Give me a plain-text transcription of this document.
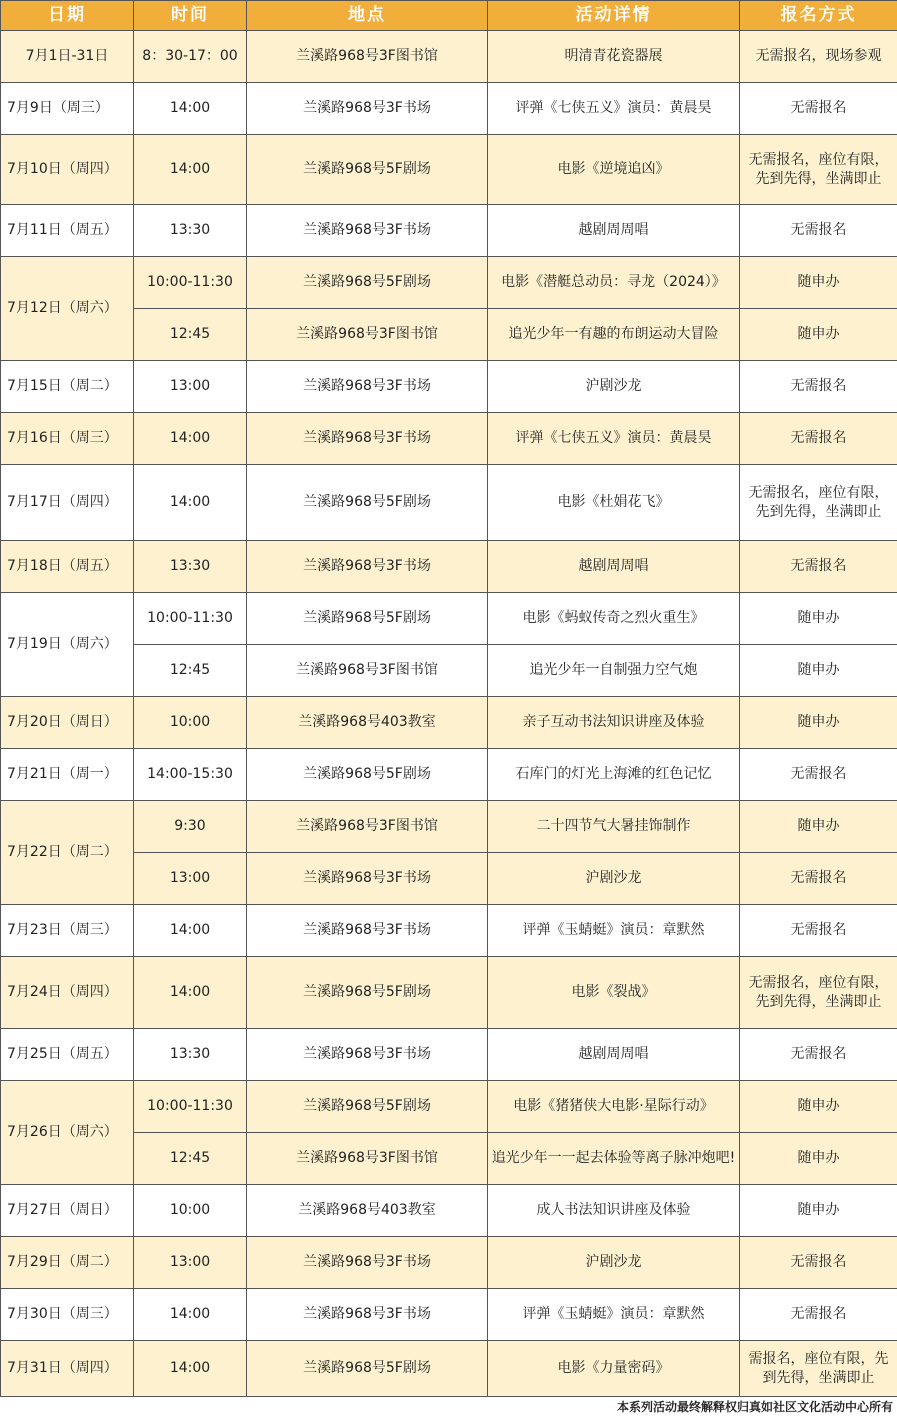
日期	时间	地点	活动详情	报名方式
7月1日-31日	8：30-17：00	兰溪路968号3F图书馆	明清青花瓷器展	无需报名，现场参观
7月9日（周三）	14:00	兰溪路968号3F书场	评弹《七侠五义》演员：黄晨昊	无需报名
7月10日（周四）	14:00	兰溪路968号5F剧场	电影《逆境追凶》	无需报名，座位有限，先到先得，坐满即止
7月11日（周五）	13:30	兰溪路968号3F书场	越剧周周唱	无需报名
7月12日（周六）	10:00-11:30	兰溪路968号5F剧场	电影《潜艇总动员：寻龙（2024）》	随申办
	12:45	兰溪路968号3F图书馆	追光少年一有趣的布朗运动大冒险	随申办
7月15日（周二）	13:00	兰溪路968号3F书场	沪剧沙龙	无需报名
7月16日（周三）	14:00	兰溪路968号3F书场	评弹《七侠五义》演员：黄晨昊	无需报名
7月17日（周四）	14:00	兰溪路968号5F剧场	电影《杜娟花飞》	无需报名，座位有限，先到先得，坐满即止
7月18日（周五）	13:30	兰溪路968号3F书场	越剧周周唱	无需报名
7月19日（周六）	10:00-11:30	兰溪路968号5F剧场	电影《蚂蚁传奇之烈火重生》	随申办
	12:45	兰溪路968号3F图书馆	追光少年一自制强力空气炮	随申办
7月20日（周日）	10:00	兰溪路968号403教室	亲子互动书法知识讲座及体验	随申办
7月21日（周一）	14:00-15:30	兰溪路968号5F剧场	石库门的灯光上海滩的红色记忆	无需报名
7月22日（周二）	9:30	兰溪路968号3F图书馆	二十四节气大暑挂饰制作	随申办
	13:00	兰溪路968号3F书场	沪剧沙龙	无需报名
7月23日（周三）	14:00	兰溪路968号3F书场	评弹《玉蜻蜓》演员：章默然	无需报名
7月24日（周四）	14:00	兰溪路968号5F剧场	电影《裂战》	无需报名，座位有限，先到先得，坐满即止
7月25日（周五）	13:30	兰溪路968号3F书场	越剧周周唱	无需报名
7月26日（周六）	10:00-11:30	兰溪路968号5F剧场	电影《猪猪侠大电影·星际行动》	随申办
	12:45	兰溪路968号3F图书馆	追光少年一一起去体验等离子脉冲炮吧!	随申办
7月27日（周日）	10:00	兰溪路968号403教室	成人书法知识讲座及体验	随申办
7月29日（周二）	13:00	兰溪路968号3F书场	沪剧沙龙	无需报名
7月30日（周三）	14:00	兰溪路968号3F书场	评弹《玉蜻蜓》演员：章默然	无需报名
7月31日（周四）	14:00	兰溪路968号5F剧场	电影《力量密码》	需报名，座位有限，先到先得，坐满即止
本系列活动最终解释权归真如社区文化活动中心所有
